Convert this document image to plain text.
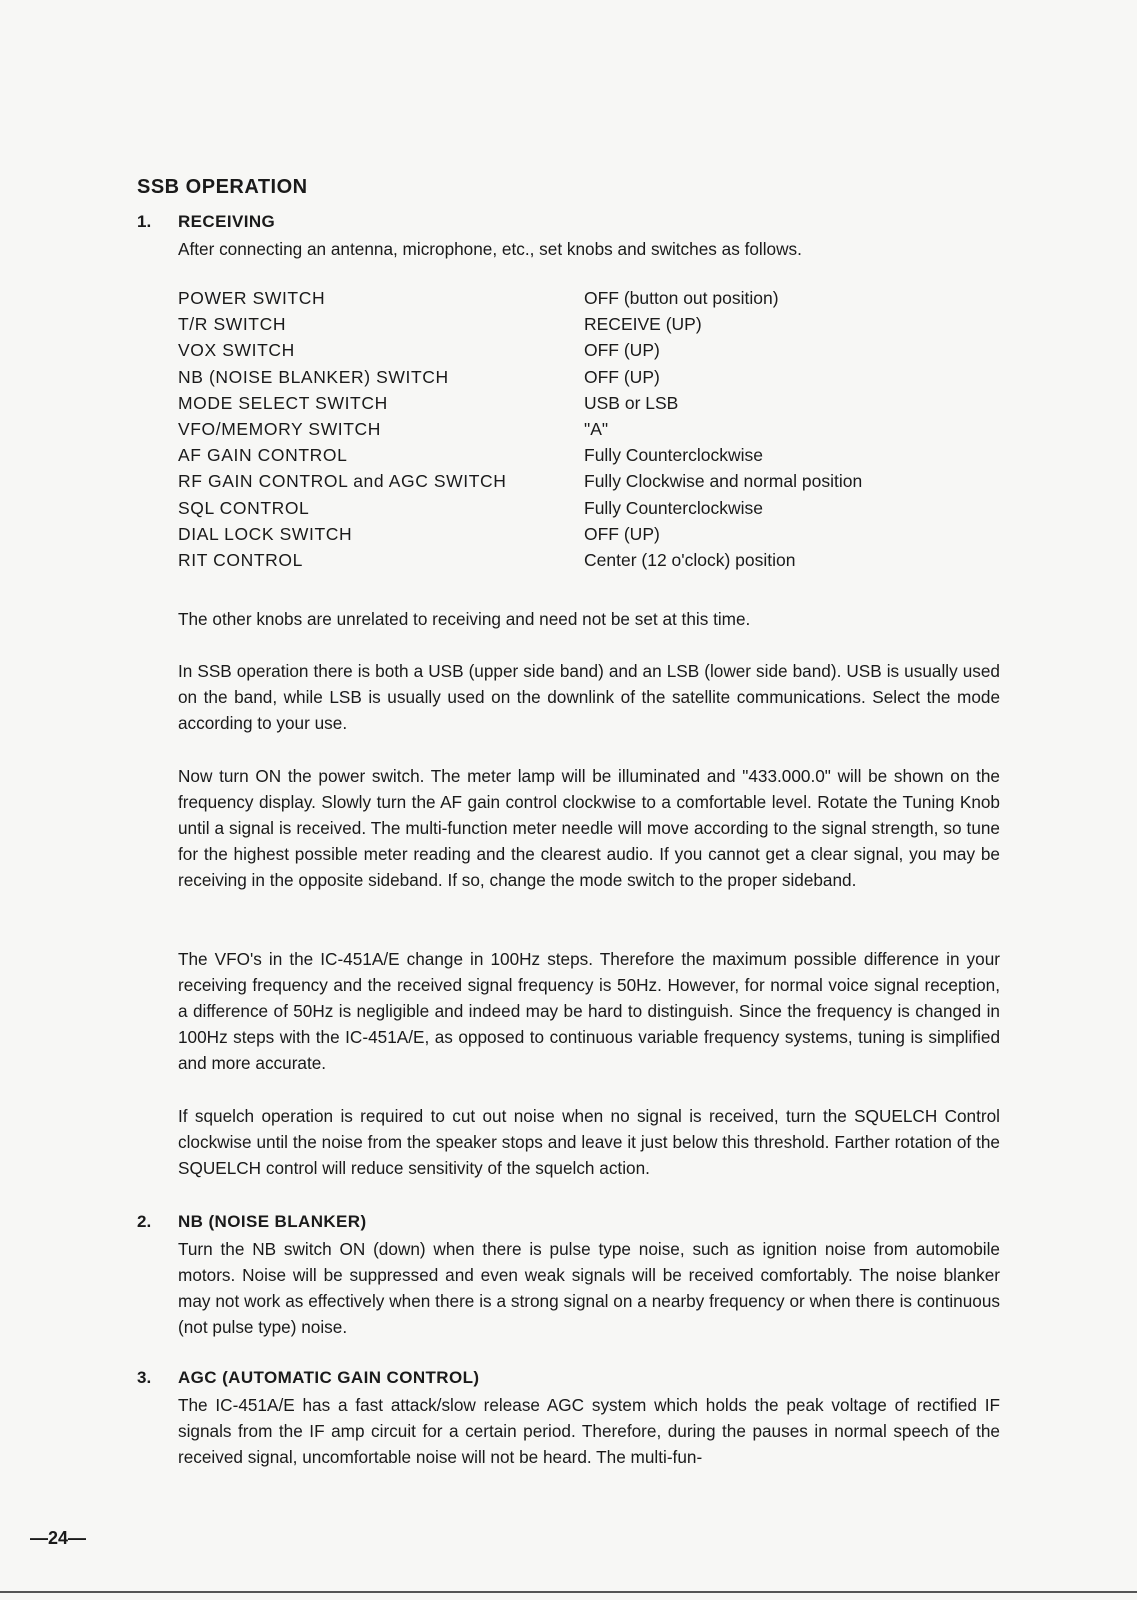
SSB OPERATION
1. RECEIVING
After connecting an antenna, microphone, etc., set knobs and switches as follows.
POWER SWITCH	OFF (button out position)
T/R SWITCH	RECEIVE (UP)
VOX SWITCH	OFF (UP)
NB (NOISE BLANKER) SWITCH	OFF (UP)
MODE SELECT SWITCH	USB or LSB
VFO/MEMORY SWITCH	"A"
AF GAIN CONTROL	Fully Counterclockwise
RF GAIN CONTROL and AGC SWITCH	Fully Clockwise and normal position
SQL CONTROL	Fully Counterclockwise
DIAL LOCK SWITCH	OFF (UP)
RIT CONTROL	Center (12 o'clock) position
The other knobs are unrelated to receiving and need not be set at this time.
In SSB operation there is both a USB (upper side band) and an LSB (lower side band). USB is usually used on the band, while LSB is usually used on the downlink of the satellite communications. Select the mode according to your use.
Now turn ON the power switch. The meter lamp will be illuminated and "433.000.0" will be shown on the frequency display. Slowly turn the AF gain control clockwise to a comfortable level. Rotate the Tuning Knob until a signal is received. The multi-function meter needle will move according to the signal strength, so tune for the highest possible meter reading and the clearest audio. If you cannot get a clear signal, you may be receiving in the opposite sideband. If so, change the mode switch to the proper sideband.
The VFO's in the IC-451A/E change in 100Hz steps. Therefore the maximum possible difference in your receiving frequency and the received signal frequency is 50Hz. However, for normal voice signal reception, a difference of 50Hz is negligible and indeed may be hard to distinguish. Since the frequency is changed in 100Hz steps with the IC-451A/E, as opposed to continuous variable frequency systems, tuning is simplified and more accurate.
If squelch operation is required to cut out noise when no signal is received, turn the SQUELCH Control clockwise until the noise from the speaker stops and leave it just below this threshold. Farther rotation of the SQUELCH control will reduce sensitivity of the squelch action.
2. NB (NOISE BLANKER)
Turn the NB switch ON (down) when there is pulse type noise, such as ignition noise from automobile motors. Noise will be suppressed and even weak signals will be received comfortably. The noise blanker may not work as effectively when there is a strong signal on a nearby frequency or when there is continuous (not pulse type) noise.
3. AGC (AUTOMATIC GAIN CONTROL)
The IC-451A/E has a fast attack/slow release AGC system which holds the peak voltage of rectified IF signals from the IF amp circuit for a certain period. Therefore, during the pauses in normal speech of the received signal, uncomfortable noise will not be heard. The multi-fun-
—24—
